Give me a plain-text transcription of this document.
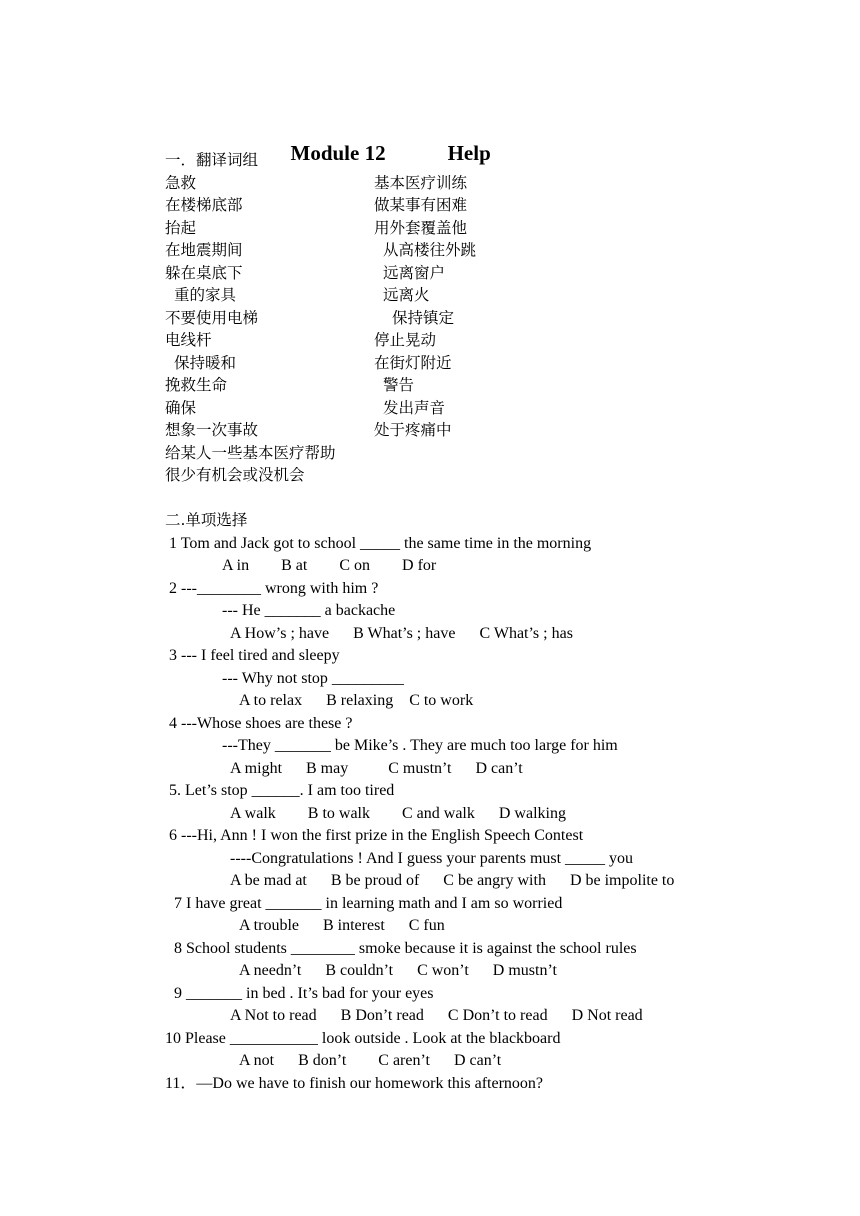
Module 12	Help

一．翻译词组
急救	基本医疗训练
在楼梯底部	做某事有困难
抬起	用外套覆盖他
在地震期间	从高楼往外跳
躲在桌底下	远离窗户
重的家具	远离火
不要使用电梯	保持镇定
电线杆	停止晃动
保持暖和	在街灯附近
挽救生命	警告
确保	发出声音
想象一次事故	处于疼痛中
给某人一些基本医疗帮助
很少有机会或没机会
二.单项选择
1 Tom and Jack got to school _____ the same time in the morning
A in        B at        C on        D for
2 ---________ wrong with him ?
--- He _______ a backache
A How’s ; have      B What’s ; have      C What’s ; has
3 --- I feel tired and sleepy
--- Why not stop _________
A to relax      B relaxing    C to work
4 ---Whose shoes are these ?
---They _______ be Mike’s . They are much too large for him
A might      B may          C mustn’t      D can’t
5. Let’s stop ______. I am too tired
A walk        B to walk        C and walk      D walking
6 ---Hi, Ann ! I won the first prize in the English Speech Contest
----Congratulations ! And I guess your parents must _____ you
A be mad at      B be proud of      C be angry with      D be impolite to
7 I have great _______ in learning math and I am so worried
A trouble      B interest      C fun
8 School students ________ smoke because it is against the school rules
A needn’t      B couldn’t      C won’t      D mustn’t
9 _______ in bed . It’s bad for your eyes
A Not to read      B Don’t read      C Don’t to read      D Not read
10 Please ___________ look outside . Look at the blackboard
A not      B don’t        C aren’t      D can’t
11．—Do we have to finish our homework this afternoon?
